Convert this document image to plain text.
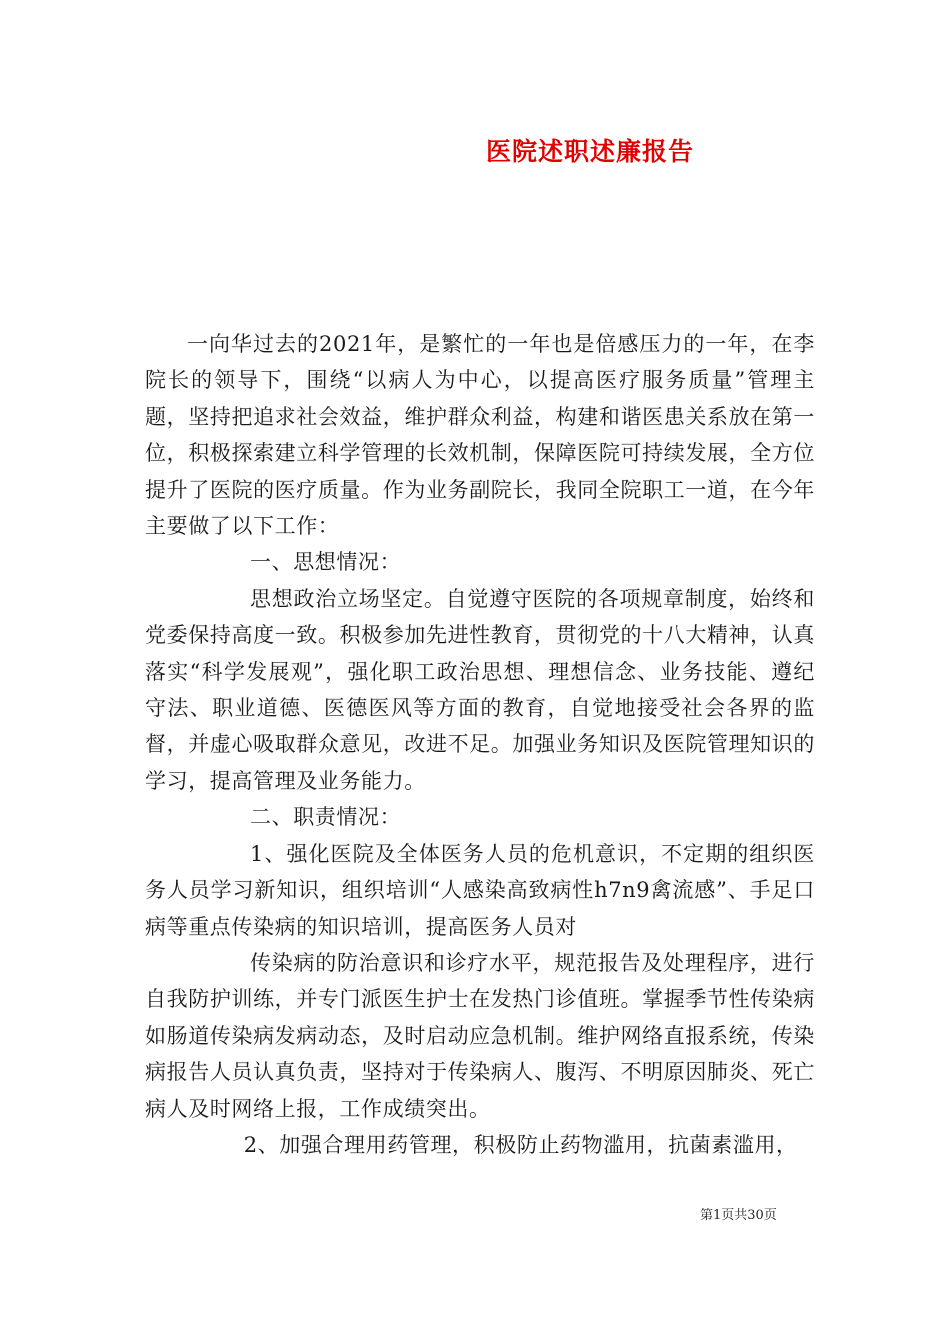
医院述职述廉报告

一向华过去的2021年，是繁忙的一年也是倍感压力的一年，在李院长的领导下，围绕“以病人为中心，以提高医疗服务质量”管理主题，坚持把追求社会效益，维护群众利益，构建和谐医患关系放在第一位，积极探索建立科学管理的长效机制，保障医院可持续发展，全方位提升了医院的医疗质量。作为业务副院长，我同全院职工一道，在今年主要做了以下工作：

一、思想情况：

思想政治立场坚定。自觉遵守医院的各项规章制度，始终和党委保持高度一致。积极参加先进性教育，贯彻党的十八大精神，认真落实“科学发展观”，强化职工政治思想、理想信念、业务技能、遵纪守法、职业道德、医德医风等方面的教育，自觉地接受社会各界的监督，并虚心吸取群众意见，改进不足。加强业务知识及医院管理知识的学习，提高管理及业务能力。

二、职责情况：

1、强化医院及全体医务人员的危机意识，不定期的组织医务人员学习新知识，组织培训“人感染高致病性h7n9禽流感”、手足口病等重点传染病的知识培训，提高医务人员对

传染病的防治意识和诊疗水平，规范报告及处理程序，进行自我防护训练，并专门派医生护士在发热门诊值班。掌握季节性传染病如肠道传染病发病动态，及时启动应急机制。维护网络直报系统，传染病报告人员认真负责，坚持对于传染病人、腹泻、不明原因肺炎、死亡病人及时网络上报，工作成绩突出。

2、加强合理用药管理，积极防止药物滥用，抗菌素滥用，

第1页共30页
